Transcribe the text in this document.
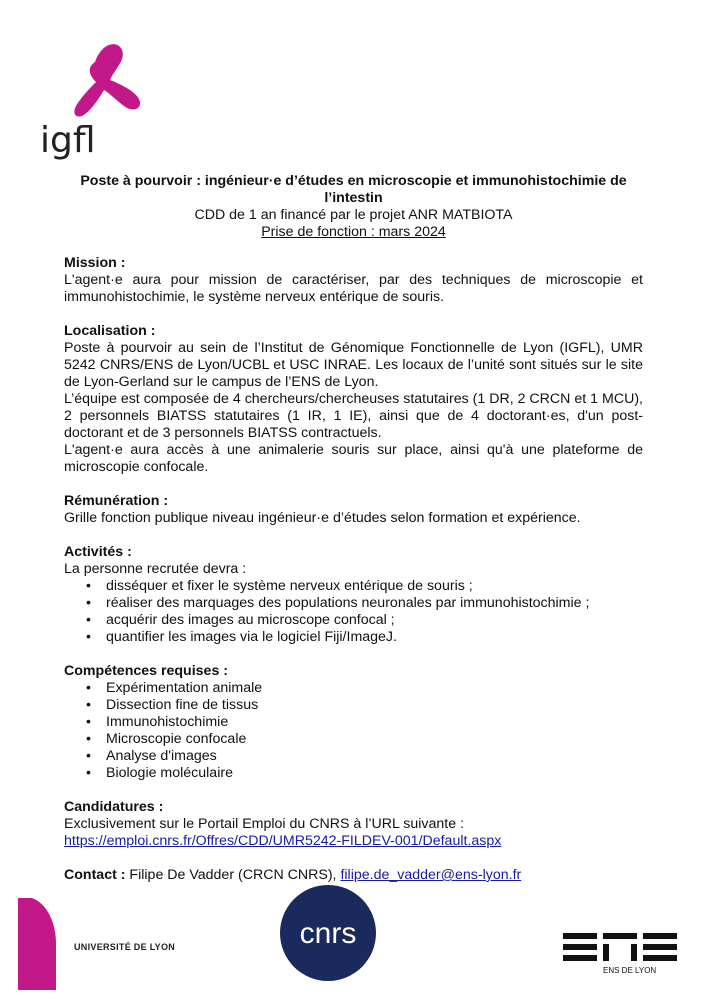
igfl
Poste à pourvoir : ingénieur·e d’études en microscopie et immunohistochimie de l’intestin
CDD de 1 an financé par le projet ANR MATBIOTA
Prise de fonction : mars 2024
Mission :
L'agent·e aura pour mission de caractériser, par des techniques de microscopie et immunohistochimie, le système nerveux entérique de souris.
Localisation :
Poste à pourvoir au sein de l’Institut de Génomique Fonctionnelle de Lyon (IGFL), UMR 5242 CNRS/ENS de Lyon/UCBL et USC INRAE. Les locaux de l’unité sont situés sur le site de Lyon-Gerland sur le campus de l’ENS de Lyon.
L’équipe est composée de 4 chercheurs/chercheuses statutaires (1 DR, 2 CRCN et 1 MCU), 2 personnels BIATSS statutaires (1 IR, 1 IE), ainsi que de 4 doctorant·es, d'un post-doctorant et de 3 personnels BIATSS contractuels.
L'agent·e aura accès à une animalerie souris sur place, ainsi qu'à une plateforme de microscopie confocale.
Rémunération :
Grille fonction publique niveau ingénieur·e d’études selon formation et expérience.
Activités :
La personne recrutée devra :
• disséquer et fixer le système nerveux entérique de souris ;
• réaliser des marquages des populations neuronales par immunohistochimie ;
• acquérir des images au microscope confocal ;
• quantifier les images via le logiciel Fiji/ImageJ.
Compétences requises :
• Expérimentation animale
• Dissection fine de tissus
• Immunohistochimie
• Microscopie confocale
• Analyse d'images
• Biologie moléculaire
Candidatures :
Exclusivement sur le Portail Emploi du CNRS à l’URL suivante :
https://emploi.cnrs.fr/Offres/CDD/UMR5242-FILDEV-001/Default.aspx
Contact : Filipe De Vadder (CRCN CNRS), filipe.de_vadder@ens-lyon.fr
UNIVERSITÉ DE LYON	cnrs
ENS DE LYON
